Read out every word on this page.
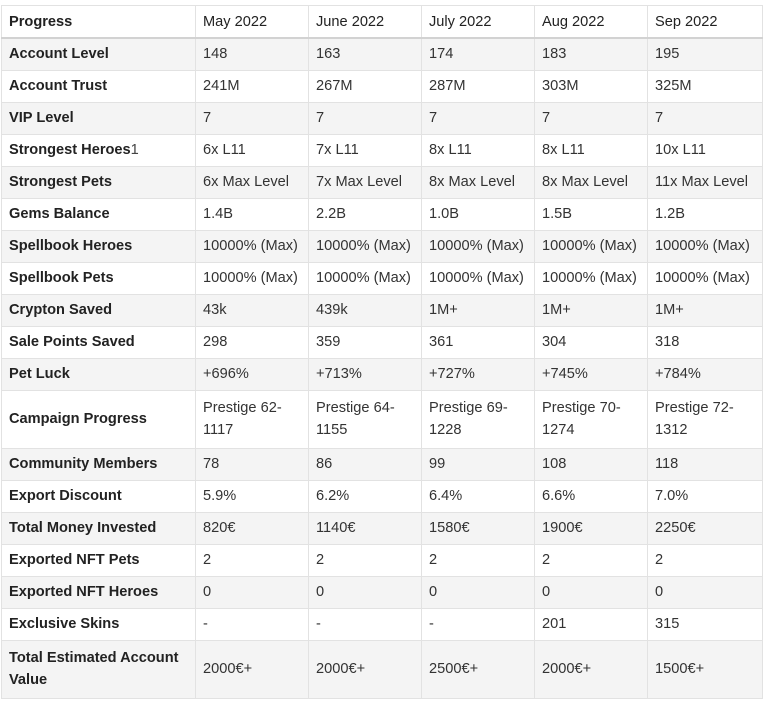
Progress	May 2022	June 2022	July 2022	Aug 2022	Sep 2022
Account Level	148	163	174	183	195
Account Trust	241M	267M	287M	303M	325M
VIP Level	7	7	7	7	7
Strongest Heroes1	6x L11	7x L11	8x L11	8x L11	10x L11
Strongest Pets	6x Max Level	7x Max Level	8x Max Level	8x Max Level	11x Max Level
Gems Balance	1.4B	2.2B	1.0B	1.5B	1.2B
Spellbook Heroes	10000% (Max)	10000% (Max)	10000% (Max)	10000% (Max)	10000% (Max)
Spellbook Pets	10000% (Max)	10000% (Max)	10000% (Max)	10000% (Max)	10000% (Max)
Crypton Saved	43k	439k	1M+	1M+	1M+
Sale Points Saved	298	359	361	304	318
Pet Luck	+696%	+713%	+727%	+745%	+784%
Campaign Progress	Prestige 62-1117	Prestige 64-1155	Prestige 69-1228	Prestige 70-1274	Prestige 72-1312
Community Members	78	86	99	108	118
Export Discount	5.9%	6.2%	6.4%	6.6%	7.0%
Total Money Invested	820€	1140€	1580€	1900€	2250€
Exported NFT Pets	2	2	2	2	2
Exported NFT Heroes	0	0	0	0	0
Exclusive Skins	-	-	-	201	315
Total Estimated Account Value	2000€+	2000€+	2500€+	2000€+	1500€+
